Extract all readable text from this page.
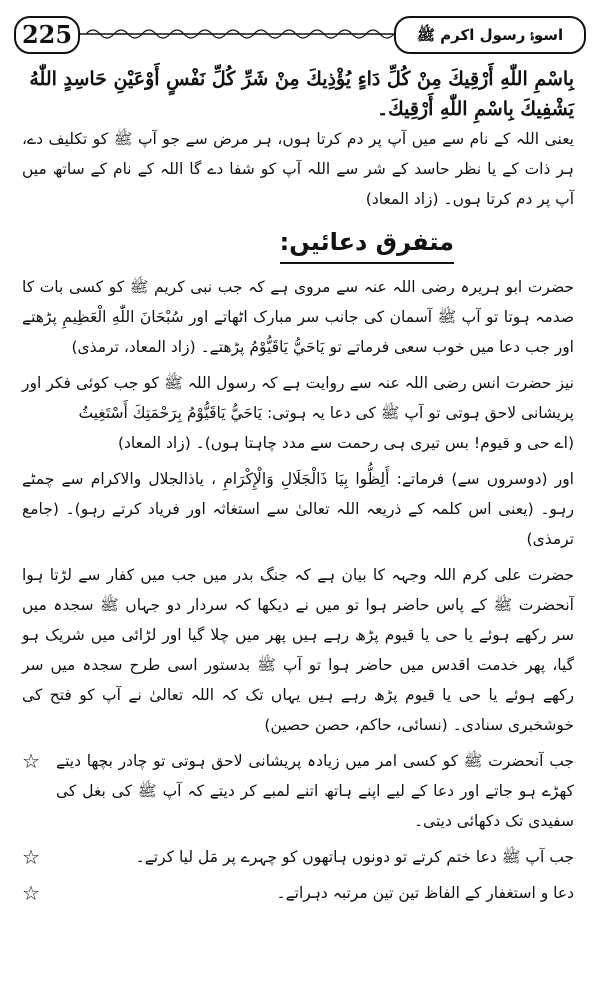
225	اسوۂ رسول اکرم ﷺ

بِاسْمِ اللّٰهِ أَرْقِيكَ مِنْ كُلِّ دَاءٍ يُؤْذِيكَ مِنْ شَرِّ كُلِّ نَفْسٍ أَوْعَيْنِ حَاسِدٍ اللّٰهُ يَشْفِيكَ بِاسْمِ اللّٰهِ أَرْقِيكَ۔

یعنی اللہ کے نام سے میں آپ پر دم کرتا ہوں، ہر مرض سے جو آپ ﷺ کو تکلیف دے، ہر ذات کے یا نظر حاسد کے شر سے اللہ آپ کو شفا دے گا اللہ کے نام کے ساتھ میں آپ پر دم کرتا ہوں۔ (زاد المعاد)

متفرق دعائیں:

حضرت ابو ہریرہ رضی اللہ عنہ سے مروی ہے کہ جب نبی کریم ﷺ کو کسی بات کا صدمہ ہوتا تو آپ ﷺ آسمان کی جانب سر مبارک اٹھاتے اور سُبْحَانَ اللّٰهِ الْعَظِيمِ پڑھتے اور جب دعا میں خوب سعی فرماتے تو يَاحَيُّ يَاقَيُّوْمُ پڑھتے۔ (زاد المعاد، ترمذی)

نیز حضرت انس رضی اللہ عنہ سے روایت ہے کہ رسول اللہ ﷺ کو جب کوئی فکر اور پریشانی لاحق ہوتی تو آپ ﷺ کی دعا یہ ہوتی: يَاحَيُّ يَاقَيُّوْمُ بِرَحْمَتِكَ أَسْتَغِيثُ

(اے حی و قیوم! بس تیری ہی رحمت سے مدد چاہتا ہوں)۔ (زاد المعاد)

اور (دوسروں سے) فرماتے: أَلِظُّوا بِيَا ذَالْجَلَالِ وَالْإِكْرَامِ ، یاذالجلال والاکرام سے چمٹے رہو۔ (یعنی اس کلمہ کے ذریعہ اللہ تعالیٰ سے استغاثہ اور فریاد کرتے رہو)۔ (جامع ترمذی)

حضرت علی کرم اللہ وجہہ کا بیان ہے کہ جنگ بدر میں جب میں کفار سے لڑتا ہوا آنحضرت ﷺ کے پاس حاضر ہوا تو میں نے دیکھا کہ سردار دو جہاں ﷺ سجدہ میں سر رکھے ہوئے یا حی یا قیوم پڑھ رہے ہیں پھر میں چلا گیا اور لڑائی میں شریک ہو گیا، پھر خدمت اقدس میں حاضر ہوا تو آپ ﷺ بدستور اسی طرح سجدہ میں سر رکھے ہوئے یا حی یا قیوم پڑھ رہے ہیں یہاں تک کہ اللہ تعالیٰ نے آپ کو فتح کی خوشخبری سنادی۔ (نسائی، حاکم، حصن حصین)

☆ جب آنحضرت ﷺ کو کسی امر میں زیادہ پریشانی لاحق ہوتی تو چادر بچھا دیتے کھڑے ہو جاتے اور دعا کے لیے اپنے ہاتھ اتنے لمبے کر دیتے کہ آپ ﷺ کی بغل کی سفیدی تک دکھائی دیتی۔

☆	جب آپ ﷺ دعا ختم کرتے تو دونوں ہاتھوں کو چہرے پر مَل لیا کرتے۔

☆	دعا و استغفار کے الفاظ تین تین مرتبہ دہراتے۔
